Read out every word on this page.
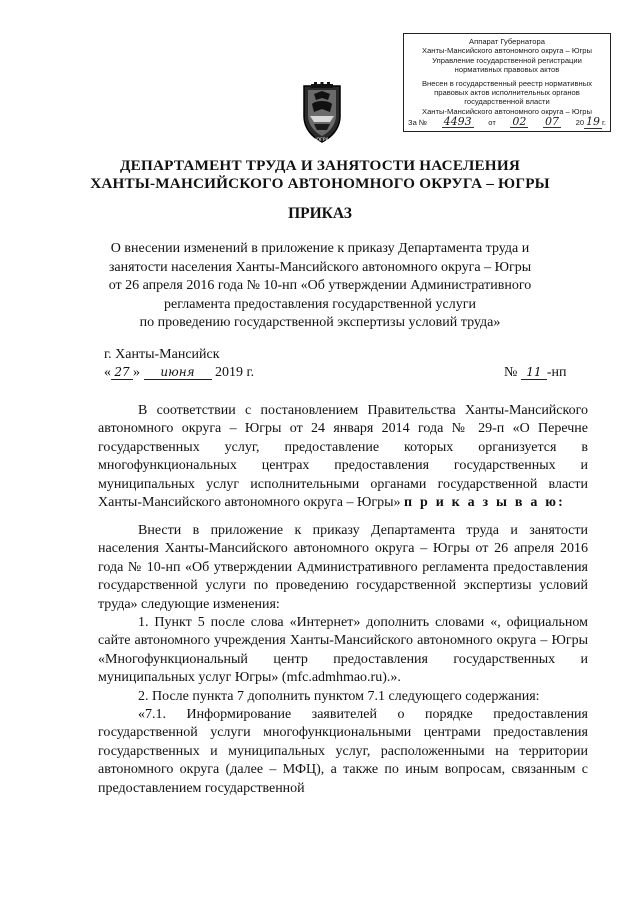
Аппарат Губернатора
Ханты-Мансийского автономного округа – Югры
Управление государственной регистрации
нормативных правовых актов
Внесен в государственный реестр нормативных
правовых актов исполнительных органов
государственной власти
Ханты-Мансийского автономного округа – Югры
За № 4493 от 02 07 20 19 г.
ЮГРА
ДЕПАРТАМЕНТ ТРУДА И ЗАНЯТОСТИ НАСЕЛЕНИЯ
ХАНТЫ-МАНСИЙСКОГО АВТОНОМНОГО ОКРУГА – ЮГРЫ
ПРИКАЗ
О внесении изменений в приложение к приказу Департамента труда и
занятости населения Ханты-Мансийского автономного округа – Югры
от 26 апреля 2016 года № 10-нп «Об утверждении Административного
регламента предоставления государственной услуги
по проведению государственной экспертизы условий труда»
г. Ханты-Мансийск
« 27 » июня 2019 г.	№ 11 -нп

В соответствии с постановлением Правительства Ханты-Мансийского автономного округа – Югры от 24 января 2014 года № 29-п «О Перечне государственных услуг, предоставление которых организуется в многофункциональных центрах предоставления государственных и муниципальных услуг исполнительными органами государственной власти Ханты-Мансийского автономного округа – Югры» п р и к а з ы в а ю:

Внести в приложение к приказу Департамента труда и занятости населения Ханты-Мансийского автономного округа – Югры от 26 апреля 2016 года № 10-нп «Об утверждении Административного регламента предоставления государственной услуги по проведению государственной экспертизы условий труда» следующие изменения:

1. Пункт 5 после слова «Интернет» дополнить словами «, официальном сайте автономного учреждения Ханты-Мансийского автономного округа – Югры «Многофункциональный центр предоставления государственных и муниципальных услуг Югры» (mfc.admhmao.ru).».

2. После пункта 7 дополнить пунктом 7.1 следующего содержания:

«7.1. Информирование заявителей о порядке предоставления государственной услуги многофункциональными центрами предоставления государственных и муниципальных услуг, расположенными на территории автономного округа (далее – МФЦ), а также по иным вопросам, связанным с предоставлением государственной
